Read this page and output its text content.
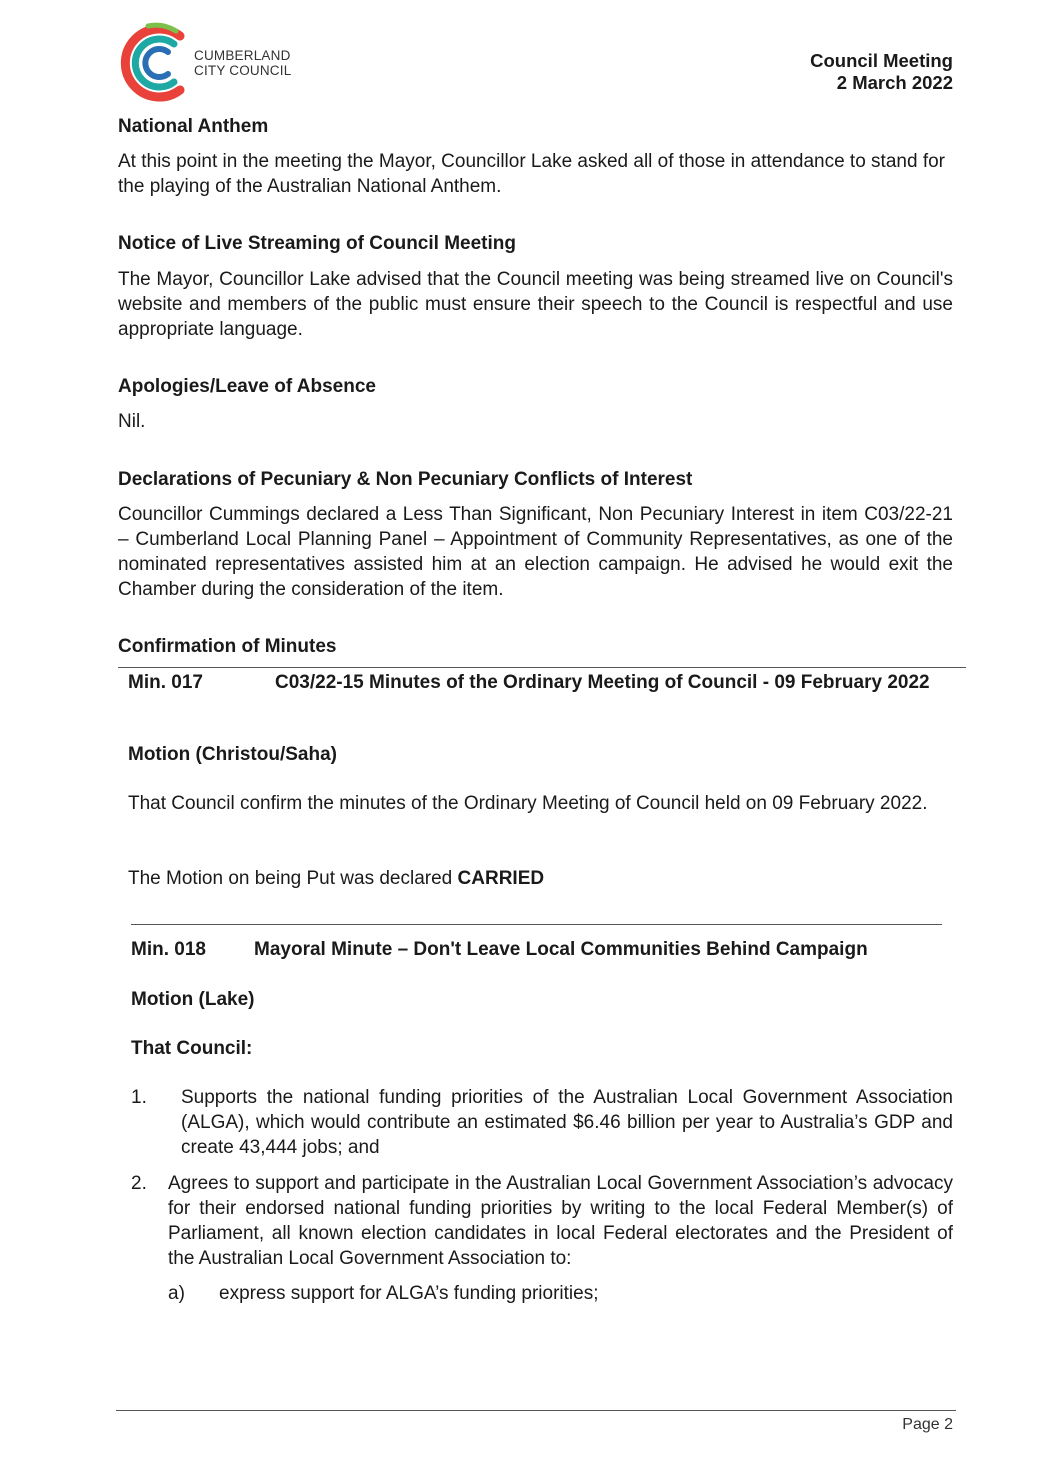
CUMBERLAND
CITY COUNCIL	Council Meeting
2 March 2022
National Anthem
At this point in the meeting the Mayor, Councillor Lake asked all of those in attendance to stand for the playing of the Australian National Anthem.
Notice of Live Streaming of Council Meeting
The Mayor, Councillor Lake advised that the Council meeting was being streamed live on Council's website and members of the public must ensure their speech to the Council is respectful and use appropriate language.
Apologies/Leave of Absence
Nil.
Declarations of Pecuniary & Non Pecuniary Conflicts of Interest
Councillor Cummings declared a Less Than Significant, Non Pecuniary Interest in item C03/22-21 – Cumberland Local Planning Panel – Appointment of Community Representatives, as one of the nominated representatives assisted him at an election campaign. He advised he would exit the Chamber during the consideration of the item.
Confirmation of Minutes
Min. 017	C03/22-15 Minutes of the Ordinary Meeting of Council - 09 February 2022
Motion (Christou/Saha)
That Council confirm the minutes of the Ordinary Meeting of Council held on 09 February 2022.
The Motion on being Put was declared CARRIED
Min. 018	Mayoral Minute – Don't Leave Local Communities Behind Campaign
Motion (Lake)
That Council:
1. Supports the national funding priorities of the Australian Local Government Association (ALGA), which would contribute an estimated $6.46 billion per year to Australia’s GDP and create 43,444 jobs; and
2.	Agrees to support and participate in the Australian Local Government Association’s advocacy for their endorsed national funding priorities by writing to the local Federal Member(s) of Parliament, all known election candidates in local Federal electorates and the President of the Australian Local Government Association to:
a) express support for ALGA’s funding priorities;
Page 2
